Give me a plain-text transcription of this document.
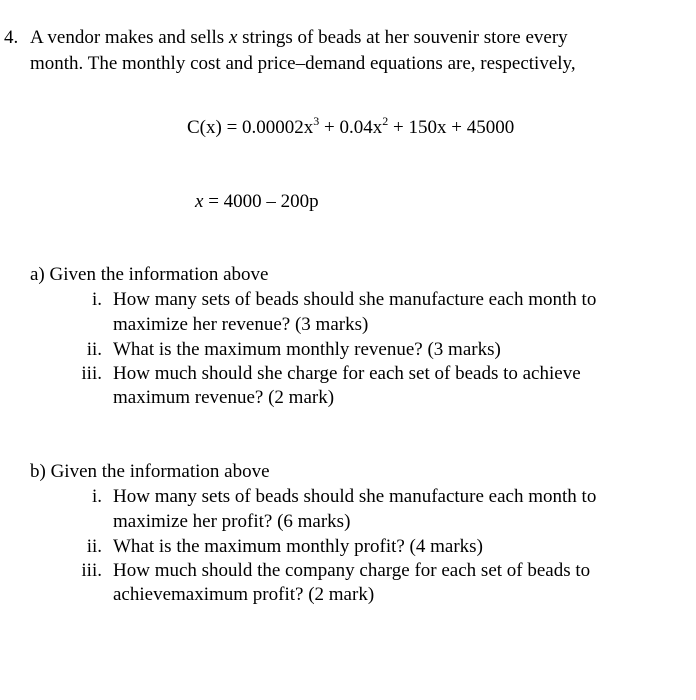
4. A vendor makes and sells x strings of beads at her souvenir store every
month. The monthly cost and price–demand equations are, respectively,
$C(x) = 0.00002x^3 + 0.04x^2 + 150x + 45000$
x = 4000 – 200p
a) Given the information above
i. How many sets of beads should she manufacture each month to
maximize her revenue? (3 marks)
ii. What is the maximum monthly revenue? (3 marks)
iii. How much should she charge for each set of beads to achieve
maximum revenue? (2 mark)
b) Given the information above
i. How many sets of beads should she manufacture each month to
maximize her profit? (6 marks)
ii. What is the maximum monthly profit? (4 marks)
iii. How much should the company charge for each set of beads to
achievemaximum profit? (2 mark)
